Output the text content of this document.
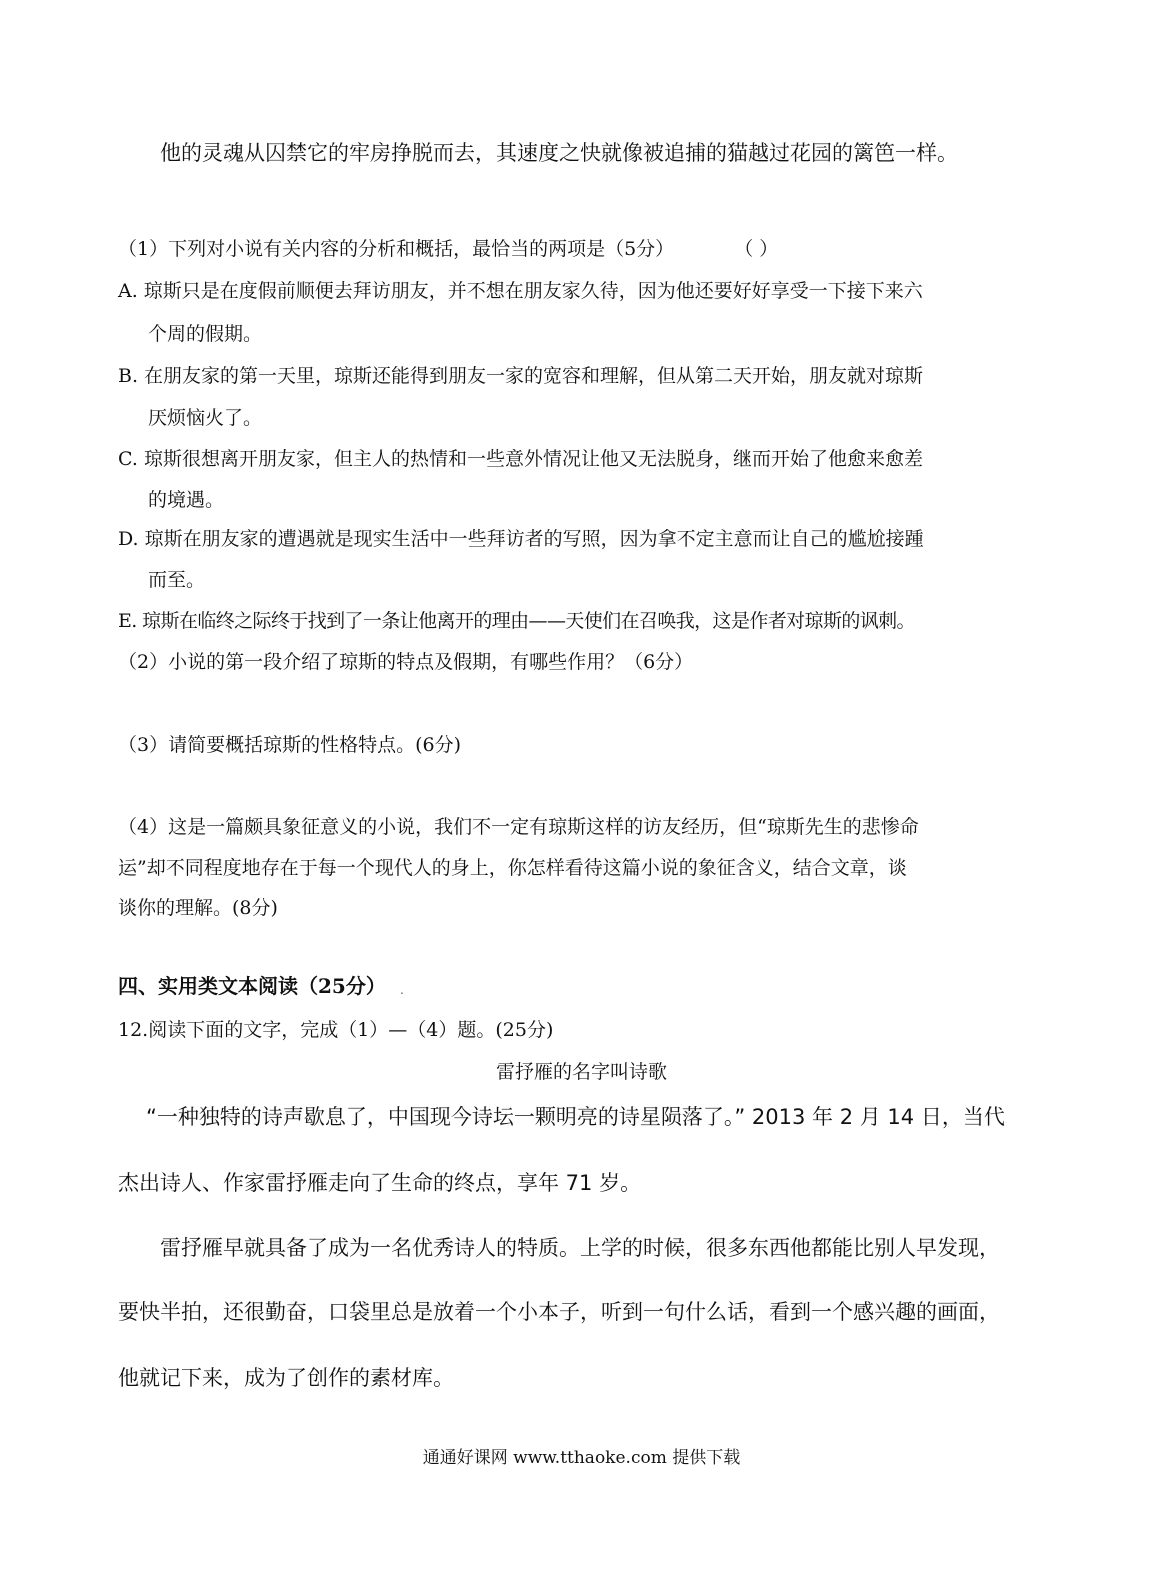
他的灵魂从囚禁它的牢房挣脱而去，其速度之快就像被追捕的猫越过花园的篱笆一样。

（1）下列对小说有关内容的分析和概括，最恰当的两项是（5分）	（ ）

A. 琼斯只是在度假前顺便去拜访朋友，并不想在朋友家久待，因为他还要好好享受一下接下来六

个周的假期。

B. 在朋友家的第一天里，琼斯还能得到朋友一家的宽容和理解，但从第二天开始，朋友就对琼斯

厌烦恼火了。

C. 琼斯很想离开朋友家，但主人的热情和一些意外情况让他又无法脱身，继而开始了他愈来愈差

的境遇。

D. 琼斯在朋友家的遭遇就是现实生活中一些拜访者的写照，因为拿不定主意而让自己的尴尬接踵

而至。

E. 琼斯在临终之际终于找到了一条让他离开的理由——天使们在召唤我，这是作者对琼斯的讽刺。

（2）小说的第一段介绍了琼斯的特点及假期，有哪些作用？（6分）

（3）请简要概括琼斯的性格特点。(6分)

（4）这是一篇颇具象征意义的小说，我们不一定有琼斯这样的访友经历，但“琼斯先生的悲惨命

运”却不同程度地存在于每一个现代人的身上，你怎样看待这篇小说的象征含义，结合文章，谈

谈你的理解。(8分)

四、实用类文本阅读（25分） .

12.阅读下面的文字，完成（1）—（4）题。(25分)

雷抒雁的名字叫诗歌

“一种独特的诗声歇息了，中国现今诗坛一颗明亮的诗星陨落了。” 2013 年 2 月 14 日，当代

杰出诗人、作家雷抒雁走向了生命的终点，享年 71 岁。

雷抒雁早就具备了成为一名优秀诗人的特质。上学的时候，很多东西他都能比别人早发现，

要快半拍，还很勤奋，口袋里总是放着一个小本子，听到一句什么话，看到一个感兴趣的画面，

他就记下来，成为了创作的素材库。

通通好课网 www.tthaoke.com 提供下载
